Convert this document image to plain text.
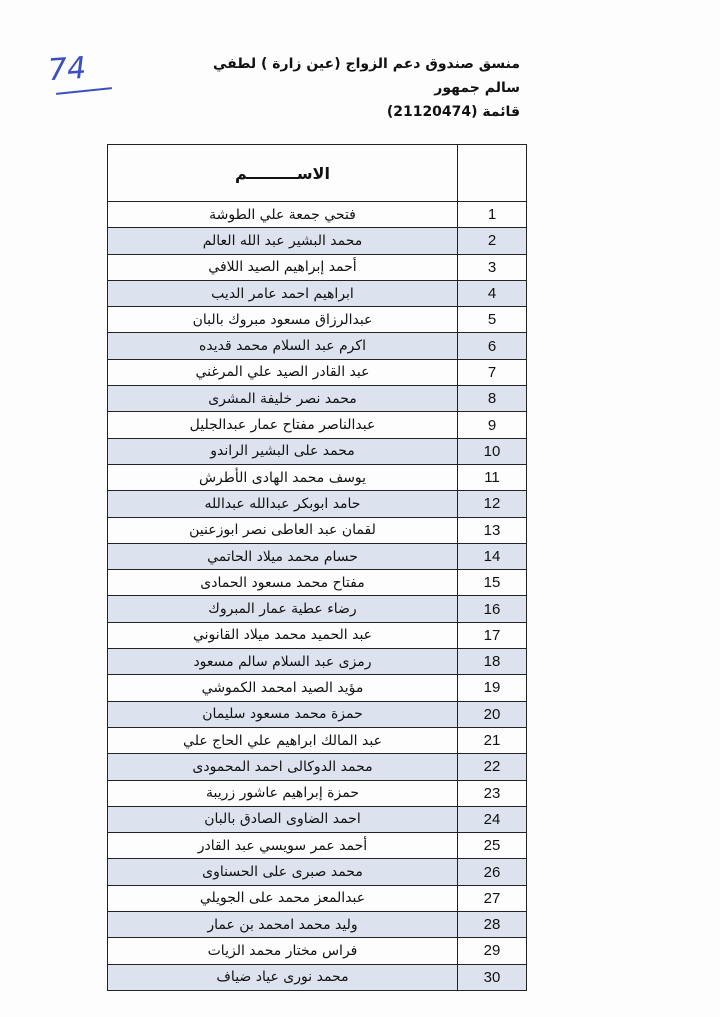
74	منسق صندوق دعم الزواج (عين زارة ) لطفي سالم جمهور
قائمة (21120474)
	الاســـــــــم
1	فتحي جمعة علي الطوشة
2	محمد البشير عبد الله العالم
3	أحمد إبراهيم الصيد اللافي
4	ابراهيم احمد عامر الديب
5	عبدالرزاق مسعود مبروك بالبان
6	اكرم عبد السلام محمد قديده
7	عبد القادر الصيد علي المرغني
8	محمد نصر خليفة المشرى
9	عبدالناصر مفتاح عمار عبدالجليل
10	محمد على البشير الراندو
11	يوسف محمد الهادى الأطرش
12	حامد ابوبكر عبدالله عبدالله
13	لقمان عبد العاطى نصر ابوزعنين
14	حسام محمد ميلاد الحاتمي
15	مفتاح محمد مسعود الحمادى
16	رضاء عطية عمار المبروك
17	عبد الحميد محمد ميلاد القانوني
18	رمزى عبد السلام سالم مسعود
19	مؤيد الصيد امحمد الكموشي
20	حمزة محمد مسعود سليمان
21	عبد المالك ابراهيم علي الحاج علي
22	محمد الدوكالى احمد المحمودى
23	حمزة إبراهيم عاشور زريبة
24	احمد الضاوى الصادق بالبان
25	أحمد عمر سويسي عبد القادر
26	محمد صبرى على الحسناوى
27	عبدالمعز محمد على الجويلي
28	وليد محمد امحمد بن عمار
29	فراس مختار محمد الزيات
30	محمد نورى عياد ضياف
